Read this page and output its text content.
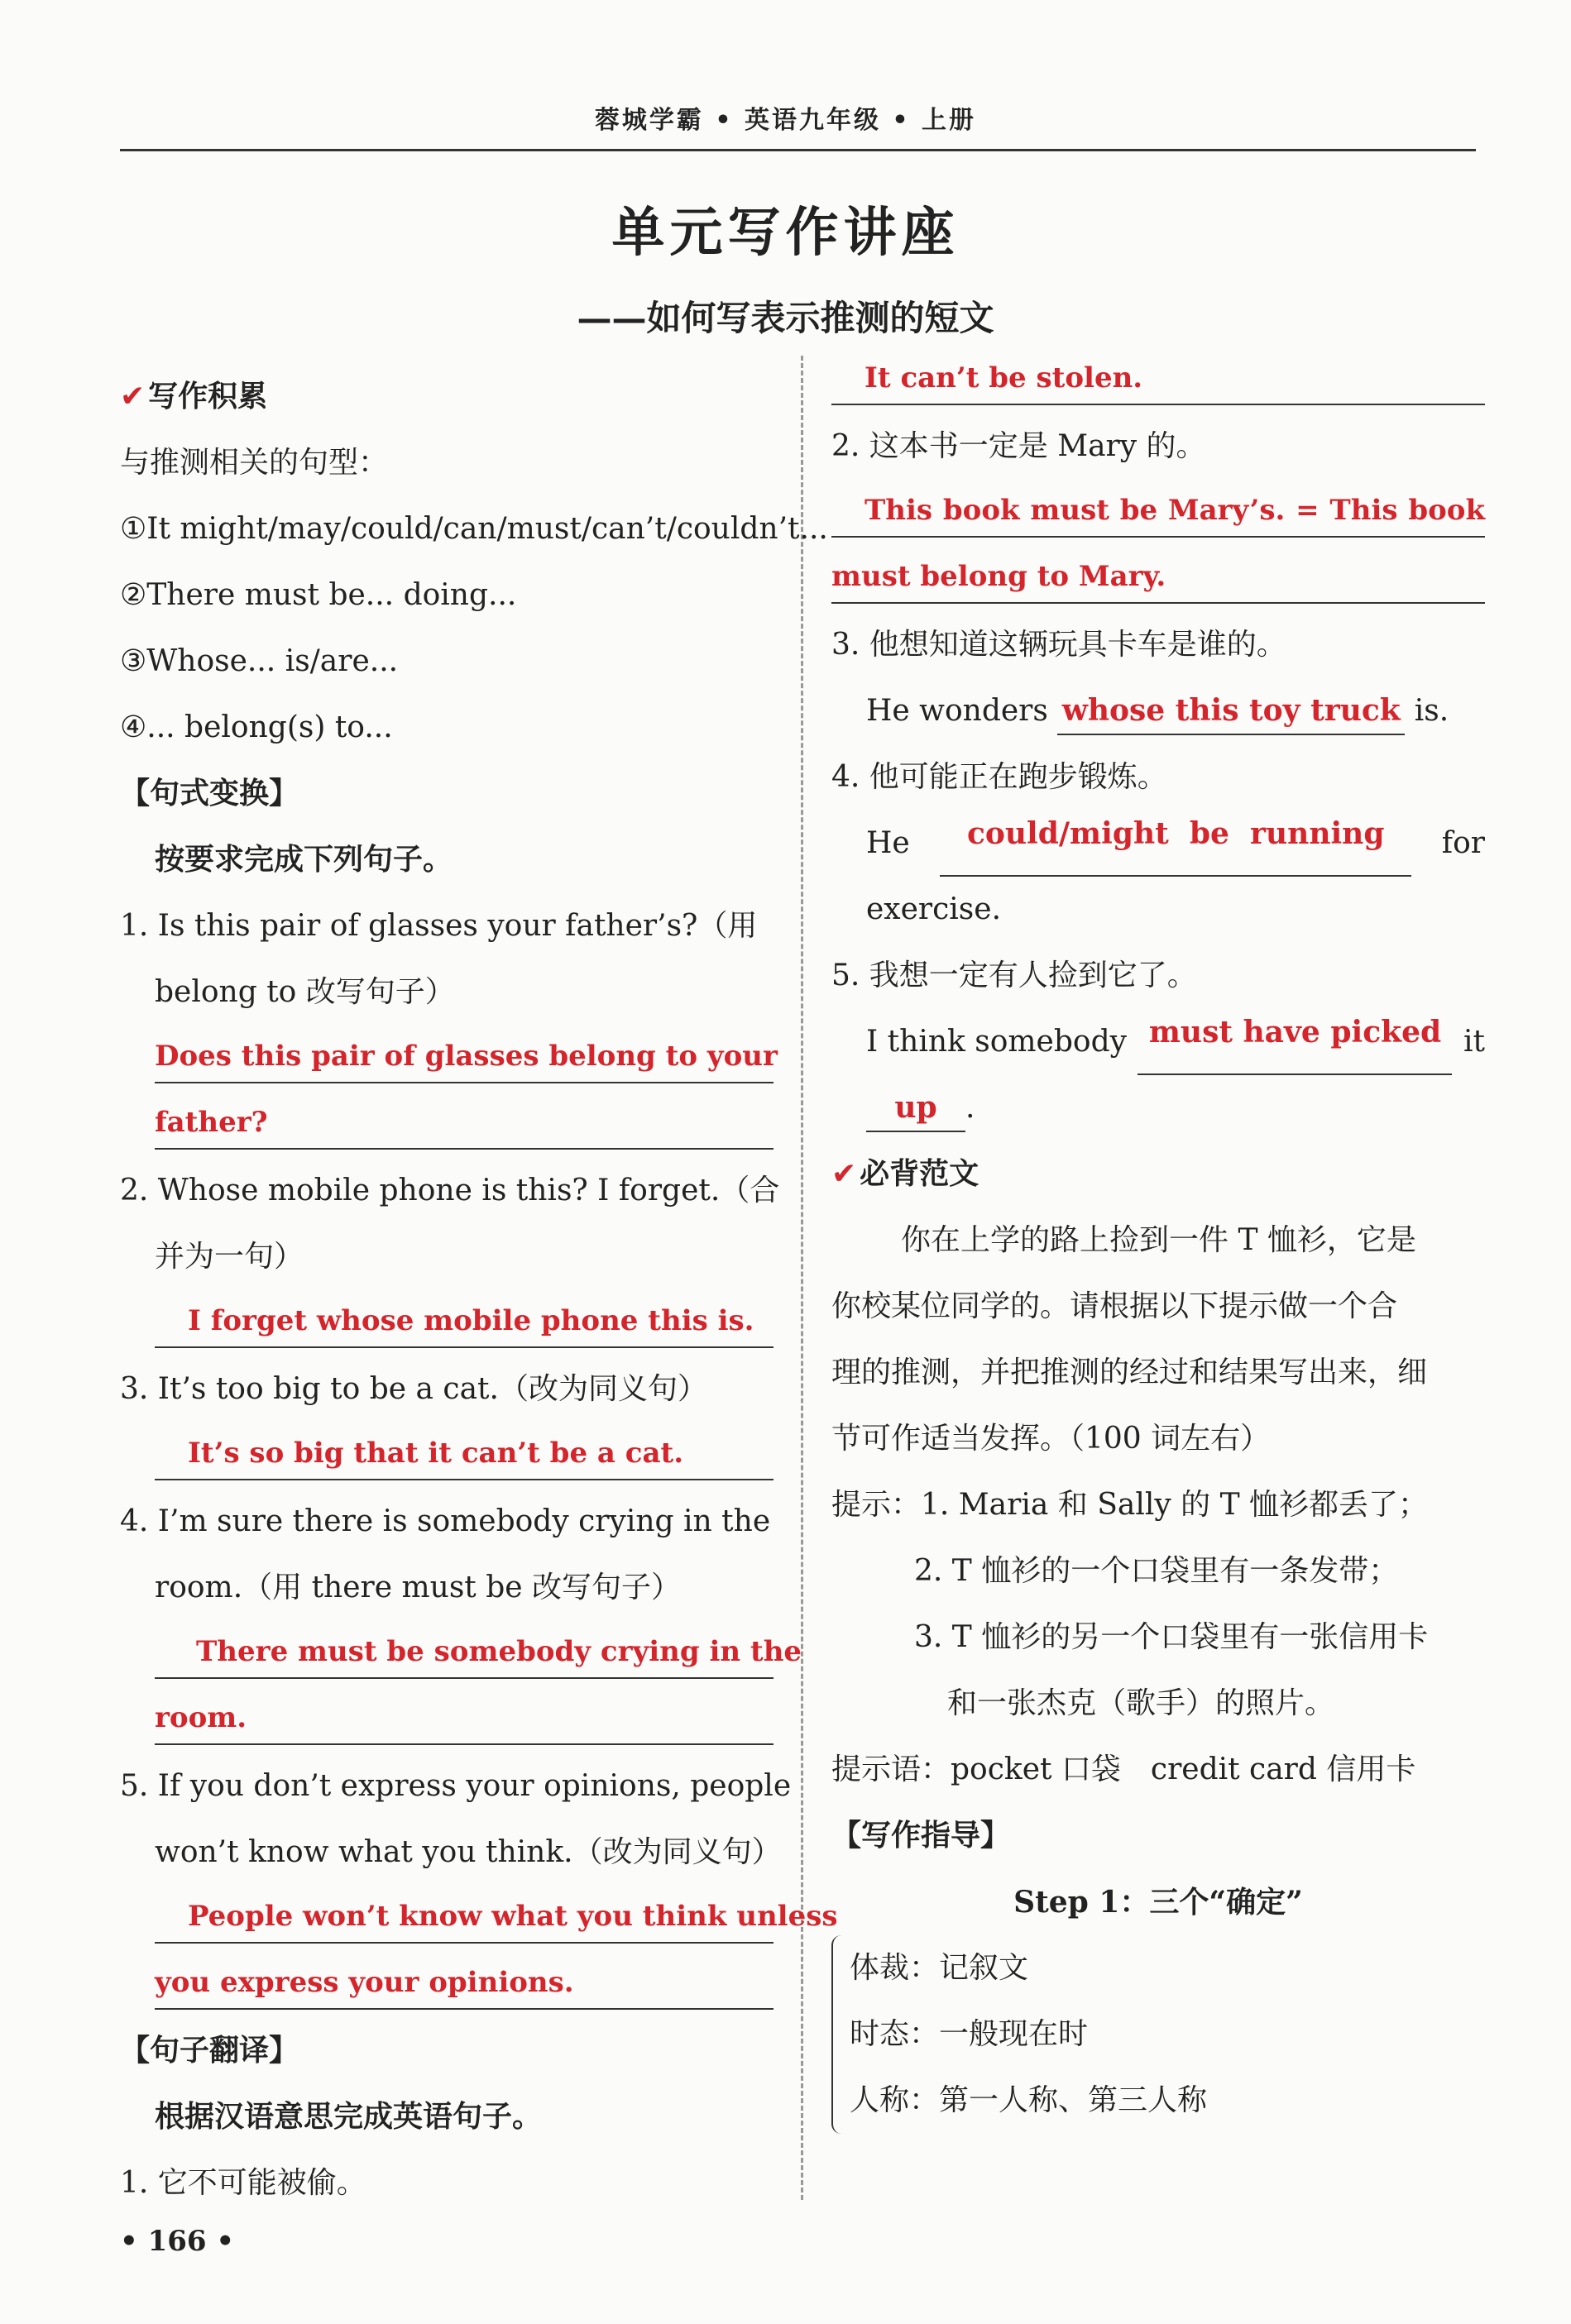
蓉城学霸 • 英语九年级 • 上册
单元写作讲座
——如何写表示推测的短文
✔ 写作积累
与推测相关的句型：
①It might/may/could/can/must/can’t/couldn’t...
②There must be... doing...
③Whose... is/are...
④... belong(s) to...
【句式变换】
按要求完成下列句子。
1. Is this pair of glasses your father’s?（用
belong to 改写句子）
Does this pair of glasses belong to your
father?
2. Whose mobile phone is this? I forget.（合
并为一句）
I forget whose mobile phone this is.
3. It’s too big to be a cat.（改为同义句）
It’s so big that it can’t be a cat.
4. I’m sure there is somebody crying in the
room.（用 there must be 改写句子）
There must be somebody crying in the
room.
5. If you don’t express your opinions, people
won’t know what you think.（改为同义句）
People won’t know what you think unless
you express your opinions.
【句子翻译】
根据汉语意思完成英语句子。
1. 它不可能被偷。
It can’t be stolen.
2. 这本书一定是 Mary 的。
This book must be Mary’s. = This book
must belong to Mary.
3. 他想知道这辆玩具卡车是谁的。
He wonders whose this toy truck is.
4. 他可能正在跑步锻炼。
He	could/might  be  running	for
exercise.
5. 我想一定有人捡到它了。
I think somebody must have picked it
up .
✔ 必背范文
你在上学的路上捡到一件 T 恤衫，它是
你校某位同学的。请根据以下提示做一个合
理的推测，并把推测的经过和结果写出来，细
节可作适当发挥。（100 词左右）
提示：1. Maria 和 Sally 的 T 恤衫都丢了；
2. T 恤衫的一个口袋里有一条发带；
3. T 恤衫的另一个口袋里有一张信用卡
和一张杰克（歌手）的照片。
提示语：pocket 口袋　credit card 信用卡
【写作指导】
Step 1：三个“确定”
体裁：记叙文
时态：一般现在时
人称：第一人称、第三人称
• 166 •
